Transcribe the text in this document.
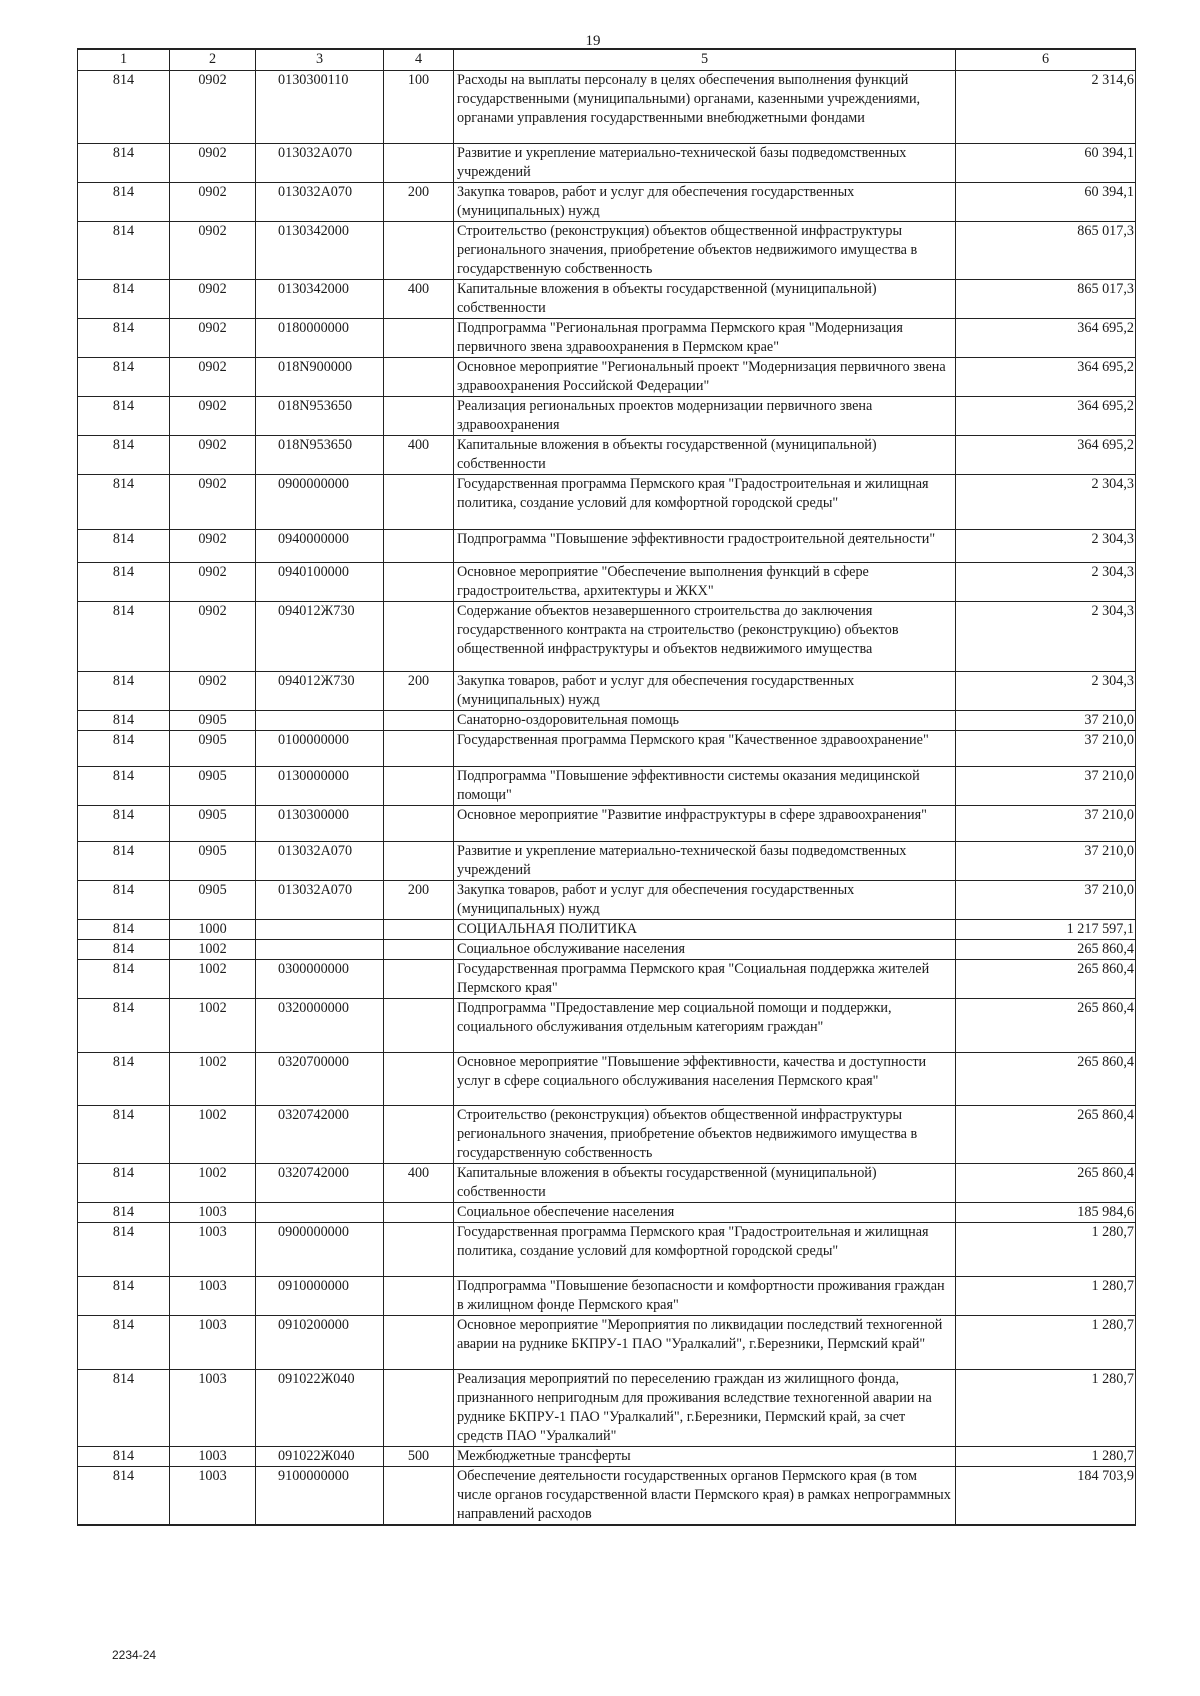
19
1	2	3	4	5	6
814	0902	0130300110	100	Расходы на выплаты персоналу в целях обеспечения выполнения функций государственными (муниципальными) органами, казенными учреждениями, органами управления государственными внебюджетными фондами	2 314,6
814	0902	013032А070		Развитие и укрепление материально-технической базы подведомственных учреждений	60 394,1
814	0902	013032А070	200	Закупка товаров, работ и услуг для обеспечения государственных (муниципальных) нужд	60 394,1
814	0902	0130342000		Строительство (реконструкция) объектов общественной инфраструктуры регионального значения, приобретение объектов недвижимого имущества в государственную собственность	865 017,3
814	0902	0130342000	400	Капитальные вложения в объекты государственной (муниципальной) собственности	865 017,3
814	0902	0180000000		Подпрограмма "Региональная программа Пермского края "Модернизация первичного звена здравоохранения в Пермском крае"	364 695,2
814	0902	018N900000		Основное мероприятие "Региональный проект "Модернизация первичного звена здравоохранения Российской Федерации"	364 695,2
814	0902	018N953650		Реализация региональных проектов модернизации первичного звена здравоохранения	364 695,2
814	0902	018N953650	400	Капитальные вложения в объекты государственной (муниципальной) собственности	364 695,2
814	0902	0900000000		Государственная программа Пермского края "Градостроительная и жилищная политика, создание условий для комфортной городской среды"	2 304,3
814	0902	0940000000		Подпрограмма "Повышение эффективности градостроительной деятельности"	2 304,3
814	0902	0940100000		Основное мероприятие "Обеспечение выполнения функций в сфере градостроительства, архитектуры и ЖКХ"	2 304,3
814	0902	094012Ж730		Содержание объектов незавершенного строительства до заключения государственного контракта на строительство (реконструкцию) объектов общественной инфраструктуры и объектов недвижимого имущества	2 304,3
814	0902	094012Ж730	200	Закупка товаров, работ и услуг для обеспечения государственных (муниципальных) нужд	2 304,3
814	0905			Санаторно-оздоровительная помощь	37 210,0
814	0905	0100000000		Государственная программа Пермского края "Качественное здравоохранение"	37 210,0
814	0905	0130000000		Подпрограмма "Повышение эффективности системы оказания медицинской помощи"	37 210,0
814	0905	0130300000		Основное мероприятие "Развитие инфраструктуры в сфере здравоохранения"	37 210,0
814	0905	013032А070		Развитие и укрепление материально-технической базы подведомственных учреждений	37 210,0
814	0905	013032А070	200	Закупка товаров, работ и услуг для обеспечения государственных (муниципальных) нужд	37 210,0
814	1000			СОЦИАЛЬНАЯ ПОЛИТИКА	1 217 597,1
814	1002			Социальное обслуживание населения	265 860,4
814	1002	0300000000		Государственная программа Пермского края "Социальная поддержка жителей Пермского края"	265 860,4
814	1002	0320000000		Подпрограмма "Предоставление мер социальной помощи и поддержки, социального обслуживания отдельным категориям граждан"	265 860,4
814	1002	0320700000		Основное мероприятие "Повышение эффективности, качества и доступности услуг в сфере социального обслуживания населения Пермского края"	265 860,4
814	1002	0320742000		Строительство (реконструкция) объектов общественной инфраструктуры регионального значения, приобретение объектов недвижимого имущества в государственную собственность	265 860,4
814	1002	0320742000	400	Капитальные вложения в объекты государственной (муниципальной) собственности	265 860,4
814	1003			Социальное обеспечение населения	185 984,6
814	1003	0900000000		Государственная программа Пермского края "Градостроительная и жилищная политика, создание условий для комфортной городской среды"	1 280,7
814	1003	0910000000		Подпрограмма "Повышение безопасности и комфортности проживания граждан в жилищном фонде Пермского края"	1 280,7
814	1003	0910200000		Основное мероприятие "Мероприятия по ликвидации последствий техногенной аварии на руднике БКПРУ-1 ПАО "Уралкалий", г.Березники, Пермский край"	1 280,7
814	1003	091022Ж040		Реализация мероприятий по переселению граждан из жилищного фонда, признанного непригодным для проживания вследствие техногенной аварии на руднике БКПРУ-1 ПАО "Уралкалий", г.Березники, Пермский край, за счет средств ПАО "Уралкалий"	1 280,7
814	1003	091022Ж040	500	Межбюджетные трансферты	1 280,7
814	1003	9100000000		Обеспечение деятельности государственных органов Пермского края (в том числе органов государственной власти Пермского края) в рамках непрограммных направлений расходов	184 703,9
2234-24
